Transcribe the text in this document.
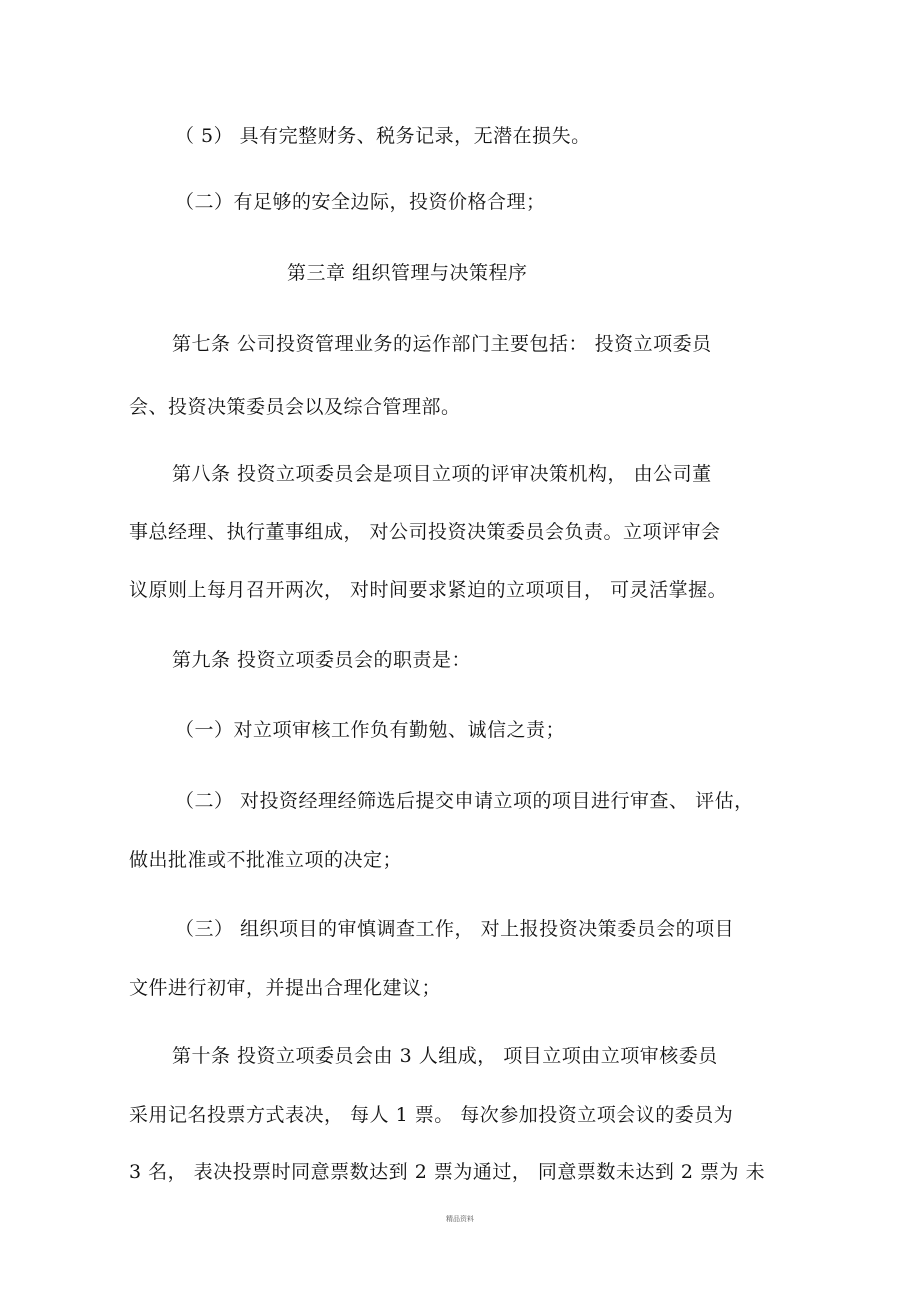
（ 5） 具有完整财务、税务记录，无潜在损失。
（二）有足够的安全边际，投资价格合理；
第三章 组织管理与决策程序
第七条 公司投资管理业务的运作部门主要包括： 投资立项委员
会、投资决策委员会以及综合管理部。
第八条 投资立项委员会是项目立项的评审决策机构， 由公司董
事总经理、执行董事组成， 对公司投资决策委员会负责。立项评审会
议原则上每月召开两次， 对时间要求紧迫的立项项目， 可灵活掌握。
第九条 投资立项委员会的职责是：
（一）对立项审核工作负有勤勉、诚信之责；
（二） 对投资经理经筛选后提交申请立项的项目进行审查、 评估，
做出批准或不批准立项的决定；
（三） 组织项目的审慎调查工作， 对上报投资决策委员会的项目
文件进行初审，并提出合理化建议；
第十条 投资立项委员会由 3 人组成， 项目立项由立项审核委员
采用记名投票方式表决， 每人 1 票。 每次参加投资立项会议的委员为
3 名， 表决投票时同意票数达到 2 票为通过， 同意票数未达到 2 票为 未
精品资料
